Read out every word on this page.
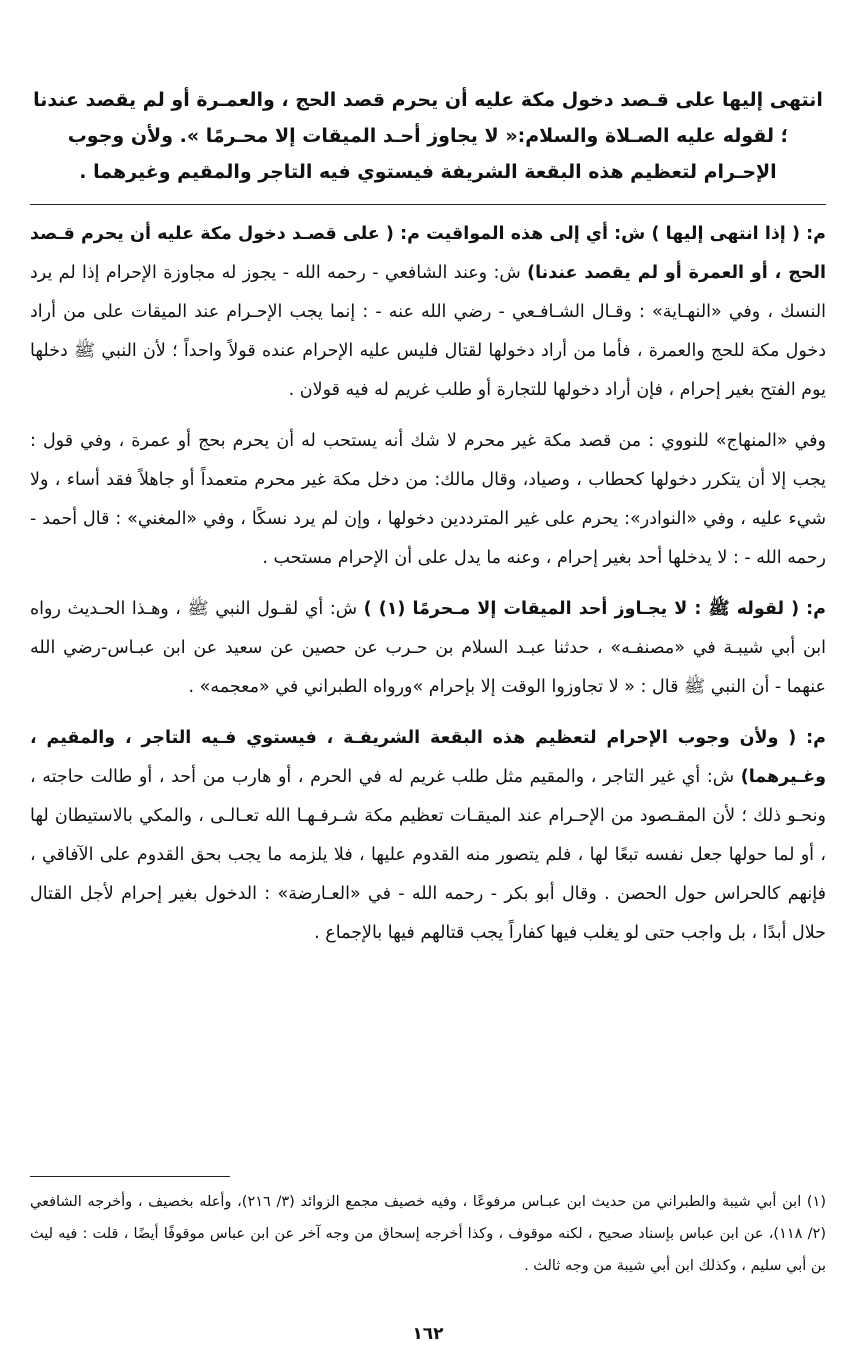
انتهى إليها على قـصد دخول مكة عليه أن يحرم قصد الحج ، والعمـرة أو لم يقصد عندنا ؛ لقوله عليه الصـلاة والسلام:« لا يجاوز أحـد الميقات إلا محـرمًا ». ولأن وجوب الإحـرام لتعظيم هذه البقعة الشريفة فيستوي فيه التاجر والمقيم وغيرهما .

م: ( إذا انتهى إليها ) ش: أي إلى هذه المواقيت م: ( على قصـد دخول مكة عليه أن يحرم قـصد الحج ، أو العمرة أو لم يقصد عندنا) ش: وعند الشافعي - رحمه الله - يجوز له مجاوزة الإحرام إذا لم يرد النسك ، وفي «النهـاية» : وقـال الشـافـعي - رضي الله عنه - : إنما يجب الإحـرام عند الميقات على من أراد دخول مكة للحج والعمرة ، فأما من أراد دخولها لقتال فليس عليه الإحرام عنده قولاً واحداً ؛ لأن النبي ﷺ دخلها يوم الفتح بغير إحرام ، فإن أراد دخولها للتجارة أو طلب غريم له فيه قولان .

وفي «المنهاج» للنووي : من قصد مكة غير محرم لا شك أنه يستحب له أن يحرم بحج أو عمرة ، وفي قول : يجب إلا أن يتكرر دخولها كحطاب ، وصياد، وقال مالك: من دخل مكة غير محرم متعمداً أو جاهلاً فقد أساء ، ولا شيء عليه ، وفي «النوادر»: يحرم على غير المترددين دخولها ، وإن لم يرد نسكًا ، وفي «المغني» : قال أحمد - رحمه الله - : لا يدخلها أحد بغير إحرام ، وعنه ما يدل على أن الإحرام مستحب .

م: ( لقوله ﷺ : لا يجـاوز أحد الميقات إلا مـحرمًا (١) ) ش: أي لقـول النبي ﷺ ، وهـذا الحـديث رواه ابن أبي شيبـة في «مصنفـه» ، حدثنا عبـد السلام بن حـرب عن حصين عن سعيد عن ابن عبـاس-رضي الله عنهما - أن النبي ﷺ قال : « لا تجاوزوا الوقت إلا بإحرام »ورواه الطبراني في «معجمه» .

م: ( ولأن وجوب الإحرام لتعظيم هذه البقعة الشريفـة ، فيستوي فـيه التاجر ، والمقيم ، وغـيرهما) ش: أي غير التاجر ، والمقيم مثل طلب غريم له في الحرم ، أو هارب من أحد ، أو طالت حاجته ، ونحـو ذلك ؛ لأن المقـصود من الإحـرام عند الميقـات تعظيم مكة شـرفـهـا الله تعـالـى ، والمكي بالاستيطان لها ، أو لما حولها جعل نفسه تبعًا لها ، فلم يتصور منه القدوم عليها ، فلا يلزمه ما يجب بحق القدوم على الآفاقي ، فإنهم كالحراس حول الحصن . وقال أبو بكر - رحمه الله - في «العـارضة» : الدخول بغير إحرام لأجل القتال حلال أبدًا ، بل واجب حتى لو يغلب فيها كفاراً يجب قتالهم فيها بالإجماع .

(١) ابن أبي شيبة والطبراني من حديث ابن عبـاس مرفوعًا ، وفيه خصيف مجمع الزوائد (٣/ ٢١٦)، وأعله بخصيف ، وأخرجه الشافعي (٢/ ١١٨)، عن ابن عباس بإسناد صحيح ، لكنه موقوف ، وكذا أخرجه إسحاق من وجه آخر عن ابن عباس موقوفًا أيضًا ، قلت : فيه ليث بن أبي سليم ، وكذلك ابن أبي شيبة من وجه ثالث .

١٦٢
